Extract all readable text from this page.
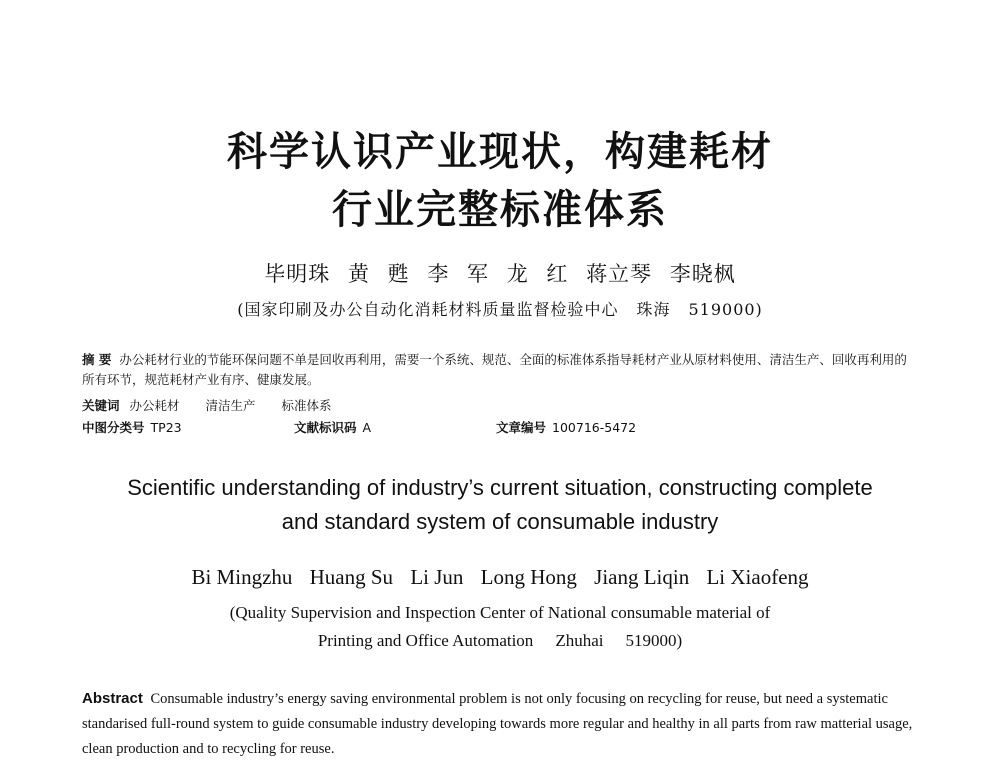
科学认识产业现状，构建耗材
行业完整标准体系
毕明珠 黄 甦 李 军 龙 红 蒋立琴 李晓枫
(国家印刷及办公自动化消耗材料质量监督检验中心 珠海 519000)
摘 要 办公耗材行业的节能环保问题不单是回收再利用，需要一个系统、规范、全面的标准体系指导耗材产业从原材料使用、清洁生产、回收再利用的所有环节，规范耗材产业有序、健康发展。
关键词 办公耗材 清洁生产 标准体系
中图分类号 TP23	文献标识码 A	文章编号 100716-5472
Scientific understanding of industry’s current situation, constructing complete
and standard system of consumable industry
Bi Mingzhu Huang Su Li Jun Long Hong Jiang Liqin Li Xiaofeng
(Quality Supervision and Inspection Center of National consumable material of
Printing and Office Automation Zhuhai 519000)
Abstract Consumable industry’s energy saving environmental problem is not only focusing on recycling for reuse, but need a systematic standarised full-round system to guide consumable industry developing towards more regular and healthy in all parts from raw matterial usage, clean production and to recycling for reuse.
